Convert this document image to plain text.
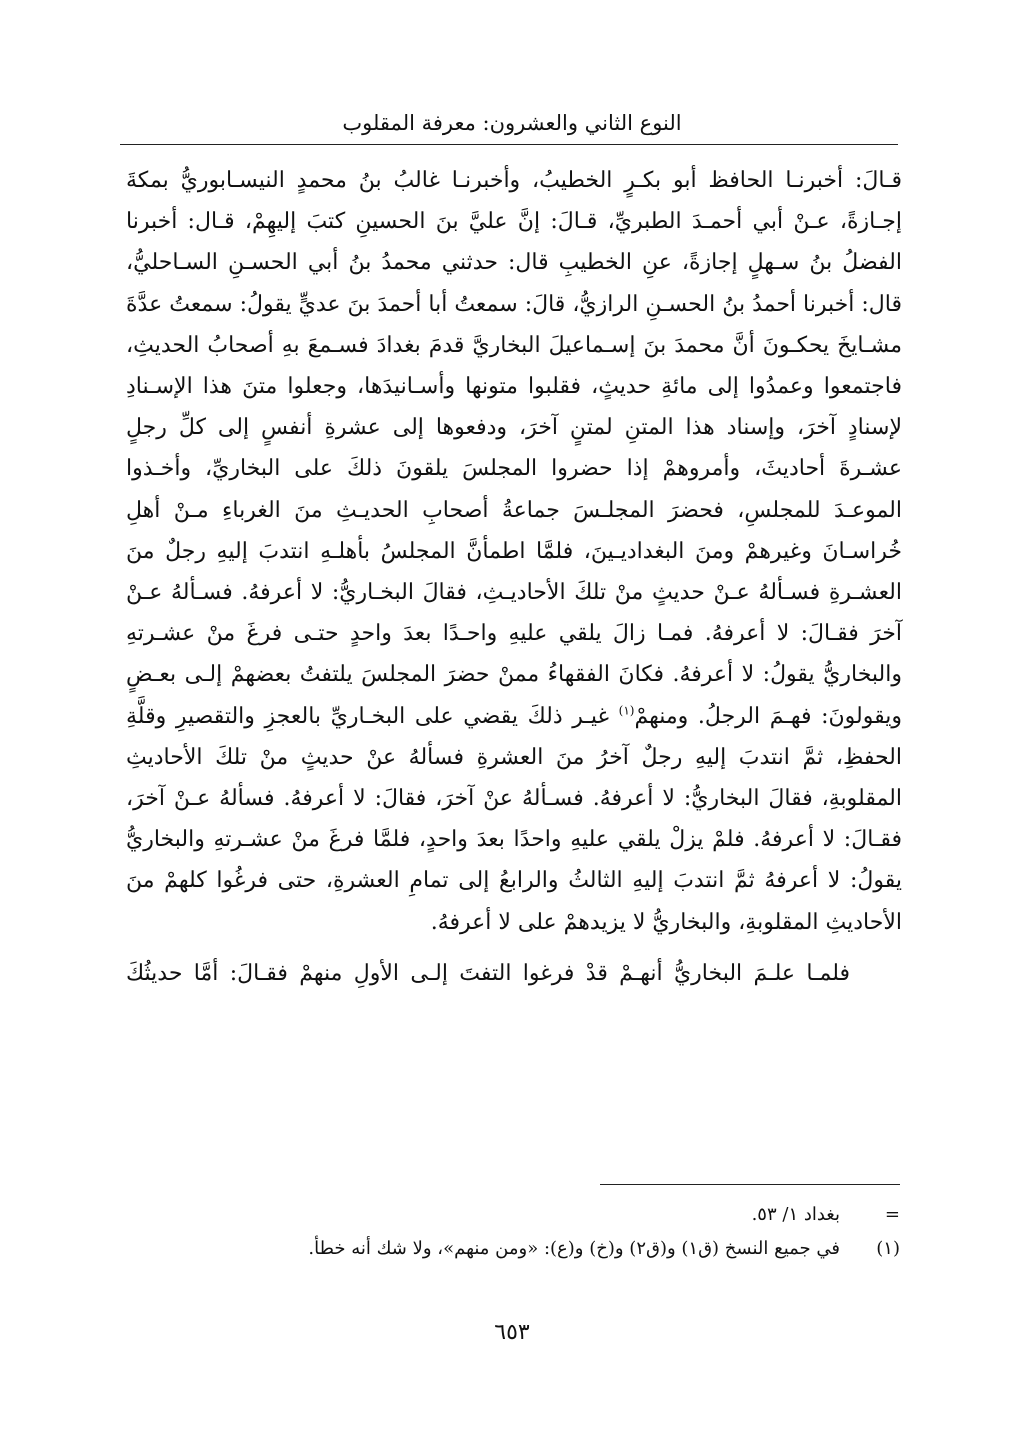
النوع الثاني والعشرون: معرفة المقلوب

قـالَ: أخبرنـا الحافظ أبو بكـرٍ الخطيبُ، وأخبرنـا غالبُ بنُ محمدٍ النيسـابوريُّ بمكةَ إجـازةً، عـنْ أبي أحمـدَ الطبريِّ، قـالَ: إنَّ عليَّ بنَ الحسينِ كتبَ إليهِمْ، قـال: أخبرنا الفضلُ بنُ سـهلٍ إجازةً، عنِ الخطيبِ قال: حدثني محمدُ بنُ أبي الحسـنِ السـاحليُّ، قال: أخبرنا أحمدُ بنُ الحسـنِ الرازيُّ، قالَ: سمعتُ أبا أحمدَ بنَ عديٍّ يقولُ: سمعتُ عدَّةَ مشـايخَ يحكـونَ أنَّ محمدَ بنَ إسـماعيلَ البخاريَّ قدمَ بغدادَ فسـمعَ بهِ أصحابُ الحديثِ، فاجتمعوا وعمدُوا إلى مائةِ حديثٍ، فقلبوا متونها وأسـانيدَها، وجعلوا متنَ هذا الإسـنادِ لإسنادٍ آخرَ، وإسناد هذا المتنِ لمتنٍ آخرَ، ودفعوها إلى عشرةِ أنفسٍ إلى كلِّ رجلٍ عشـرةَ أحاديثَ، وأمروهمْ إذا حضروا المجلسَ يلقونَ ذلكَ على البخاريِّ، وأخـذوا الموعـدَ للمجلسِ، فحضرَ المجلـسَ جماعةُ أصحابِ الحديـثِ منَ الغرباءِ مـنْ أهلِ خُراسـانَ وغيرهمْ ومنَ البغداديـينَ، فلمَّا اطمأنَّ المجلسُ بأهلـهِ انتدبَ إليهِ رجلٌ منَ العشـرةِ فسـألهُ عـنْ حديثٍ منْ تلكَ الأحاديـثِ، فقالَ البخـاريُّ: لا أعرفهُ. فسـألهُ عـنْ آخرَ فقـالَ: لا أعرفهُ. فمـا زالَ يلقي عليهِ واحـدًا بعدَ واحدٍ حتـى فرغَ منْ عشـرتهِ والبخاريُّ يقولُ: لا أعرفهُ. فكانَ الفقهاءُ ممنْ حضرَ المجلسَ يلتفتُ بعضهمْ إلـى بعـضٍ ويقولونَ: فهـمَ الرجلُ. ومنهمْ$^{(١)}$ غيـر ذلكَ يقضي على البخـاريِّ بالعجزِ والتقصيرِ وقلَّةِ الحفظِ، ثمَّ انتدبَ إليهِ رجلٌ آخرُ منَ العشرةِ فسألهُ عنْ حديثٍ منْ تلكَ الأحاديثِ المقلوبةِ، فقالَ البخاريُّ: لا أعرفهُ. فسـألهُ عنْ آخرَ، فقالَ: لا أعرفهُ. فسألهُ عـنْ آخرَ، فقـالَ: لا أعرفهُ. فلمْ يزلْ يلقي عليهِ واحدًا بعدَ واحدٍ، فلمَّا فرغَ منْ عشـرتهِ والبخاريُّ يقولُ: لا أعرفهُ ثمَّ انتدبَ إليهِ الثالثُ والرابعُ إلى تمامِ العشرةِ، حتى فرغُوا كلهمْ منَ الأحاديثِ المقلوبةِ، والبخاريُّ لا يزيدهمْ على لا أعرفهُ.

فلمـا علـمَ البخاريُّ أنهـمْ قدْ فرغوا التفتَ إلـى الأولِ منهمْ فقـالَ: أمَّا حديثُكَ

=
بغداد ١/ ٥٣.
(١)
في جميع النسخ (ق١) و(ق٢) و(خ) و(ع): «ومن منهم»، ولا شك أنه خطأ.
٦٥٣
